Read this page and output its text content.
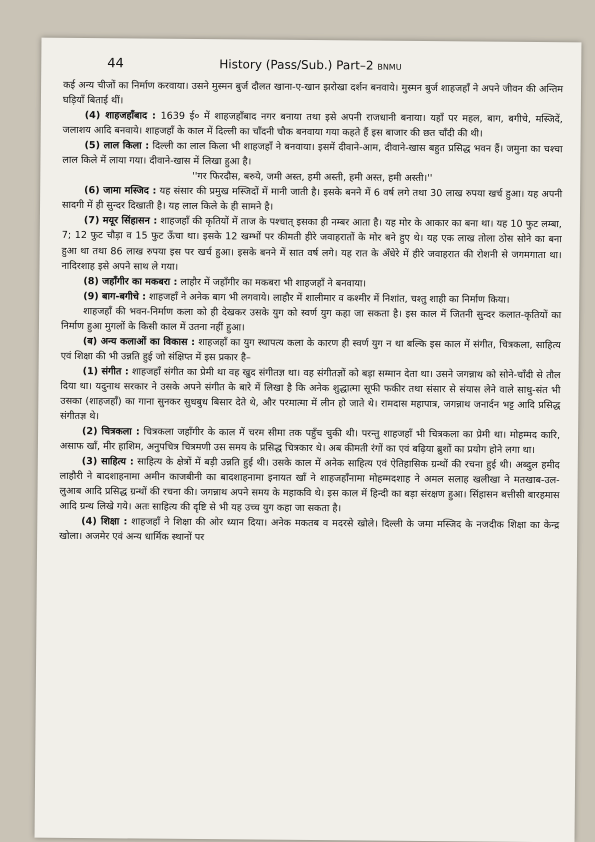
44	History (Pass/Sub.) Part–2 BNMU

कई अन्य चीजों का निर्माण करवाया। उसने मुस्मन बुर्ज दौलत खाना-ए-खान झरोखा दर्शन बनवाये। मुस्मन बुर्ज शाहजहाँ ने अपने जीवन की अन्तिम घड़ियाँ बिताई थीं।

(4) शाहजहाँबाद : 1639 ई० में शाहजहाँबाद नगर बनाया तथा इसे अपनी राजधानी बनाया। यहाँ पर महल, बाग, बगीचे, मस्जिदें, जलाशय आदि बनवाये। शाहजहाँ के काल में दिल्ली का चाँदनी चौक बनवाया गया कहते हैं इस बाजार की छत चाँदी की थी।

(5) लाल किला : दिल्ली का लाल किला भी शाहजहाँ ने बनवाया। इसमें दीवाने-आम, दीवाने-खास बहुत प्रसिद्ध भवन हैं। जमुना का चश्चा लाल किले में लाया गया। दीवाने-खास में लिखा हुआ है।

''गर फिरदौस, बरुये, जमी अस्त, हमी अस्ती, हमी अस्त, हमी अस्ती।''

(6) जामा मस्जिद : यह संसार की प्रमुख मस्जिदों में मानी जाती है। इसके बनने में 6 वर्ष लगे तथा 30 लाख रुपया खर्च हुआ। यह अपनी सादगी में ही सुन्दर दिखाती है। यह लाल किले के ही सामने है।

(7) मयूर सिंहासन : शाहजहाँ की कृतियों में ताज के पश्चात् इसका ही नम्बर आता है। यह मोर के आकार का बना था। यह 10 फुट लम्बा, 7; 12 फुट चौड़ा व 15 फुट ऊँचा था। इसके 12 खम्भों पर कीमती हीरे जवाहरातों के मोर बने हुए थे। यह एक लाख तोला ठोस सोने का बना हुआ था तथा 86 लाख रुपया इस पर खर्च हुआ। इसके बनने में सात वर्ष लगे। यह रात के अँधेरे में हीरे जवाहरात की रोशनी से जगमगाता था। नादिरशाह इसे अपने साथ ले गया।

(8) जहाँगीर का मकबरा : लाहौर में जहाँगीर का मकबरा भी शाहजहाँ ने बनवाया।

(9) बाग-बगीचे : शाहजहाँ ने अनेक बाग भी लगवाये। लाहौर में शालीमार व कश्मीर में निशांत, चश्तु शाही का निर्माण किया।

शाहजहाँ की भवन-निर्माण कला को ही देखकर उसके युग को स्वर्ण युग कहा जा सकता है। इस काल में जितनी सुन्दर कलात-कृतियों का निर्माण हुआ मुगलों के किसी काल में उतना नहीं हुआ।

(ब) अन्य कलाओं का विकास : शाहजहाँ का युग स्थापत्य कला के कारण ही स्वर्ण युग न था बल्कि इस काल में संगीत, चित्रकला, साहित्य एवं शिक्षा की भी उन्नति हुई जो संक्षिप्त में इस प्रकार है–

(1) संगीत : शाहजहाँ संगीत का प्रेमी था वह खुद संगीतज्ञ था। वह संगीतज्ञों को बड़ा सम्मान देता था। उसने जगन्नाथ को सोने-चाँदी से तौल दिया था। यदुनाथ सरकार ने उसके अपने संगीत के बारे में लिखा है कि अनेक शुद्धात्मा सूफी फकीर तथा संसार से संयास लेने वाले साधु-संत भी उसका (शाहजहाँ) का गाना सुनकर सुधबुध बिसार देते थे, और परमात्मा में लीन हो जाते थे। रामदास महापात्र, जगन्नाथ जनार्दन भट्ट आदि प्रसिद्ध संगीतज्ञ थे।

(2) चित्रकला : चित्रकला जहाँगीर के काल में चरम सीमा तक पहुँच चुकी थी। परन्तु शाहजहाँ भी चित्रकला का प्रेमी था। मोहम्मद कारि, असाफ खाँ, मीर हाशिम, अनुपचित्र चित्रमणी उस समय के प्रसिद्ध चित्रकार थे। अब कीमती रंगों का एवं बढ़िया ब्रुशों का प्रयोग होने लगा था।

(3) साहित्य : साहित्य के क्षेत्रों में बड़ी उन्नति हुई थी। उसके काल में अनेक साहित्य एवं ऐतिहासिक ग्रन्थों की रचना हुई थी। अब्दुल हमीद लाहौरी ने बादशाहनामा अमीन काजबीनी का बादशाहनामा इनायत खाँ ने शाहजहाँनामा मोहम्मदशाह ने अमल सलाह खलीखा ने मतखाब-उल-लुआब आदि प्रसिद्ध ग्रन्थों की रचना की। जगन्नाथ अपने समय के महाकवि थे। इस काल में हिन्दी का बड़ा संरक्षण हुआ। सिंहासन बत्तीसी बारहमास आदि ग्रन्थ लिखे गये। अतः साहित्य की दृष्टि से भी यह उच्च युग कहा जा सकता है।

(4) शिक्षा : शाहजहाँ ने शिक्षा की ओर ध्यान दिया। अनेक मकतब व मदरसे खोले। दिल्ली के जमा मस्जिद के नजदीक शिक्षा का केन्द्र खोला। अजमेर एवं अन्य धार्मिक स्थानों पर
